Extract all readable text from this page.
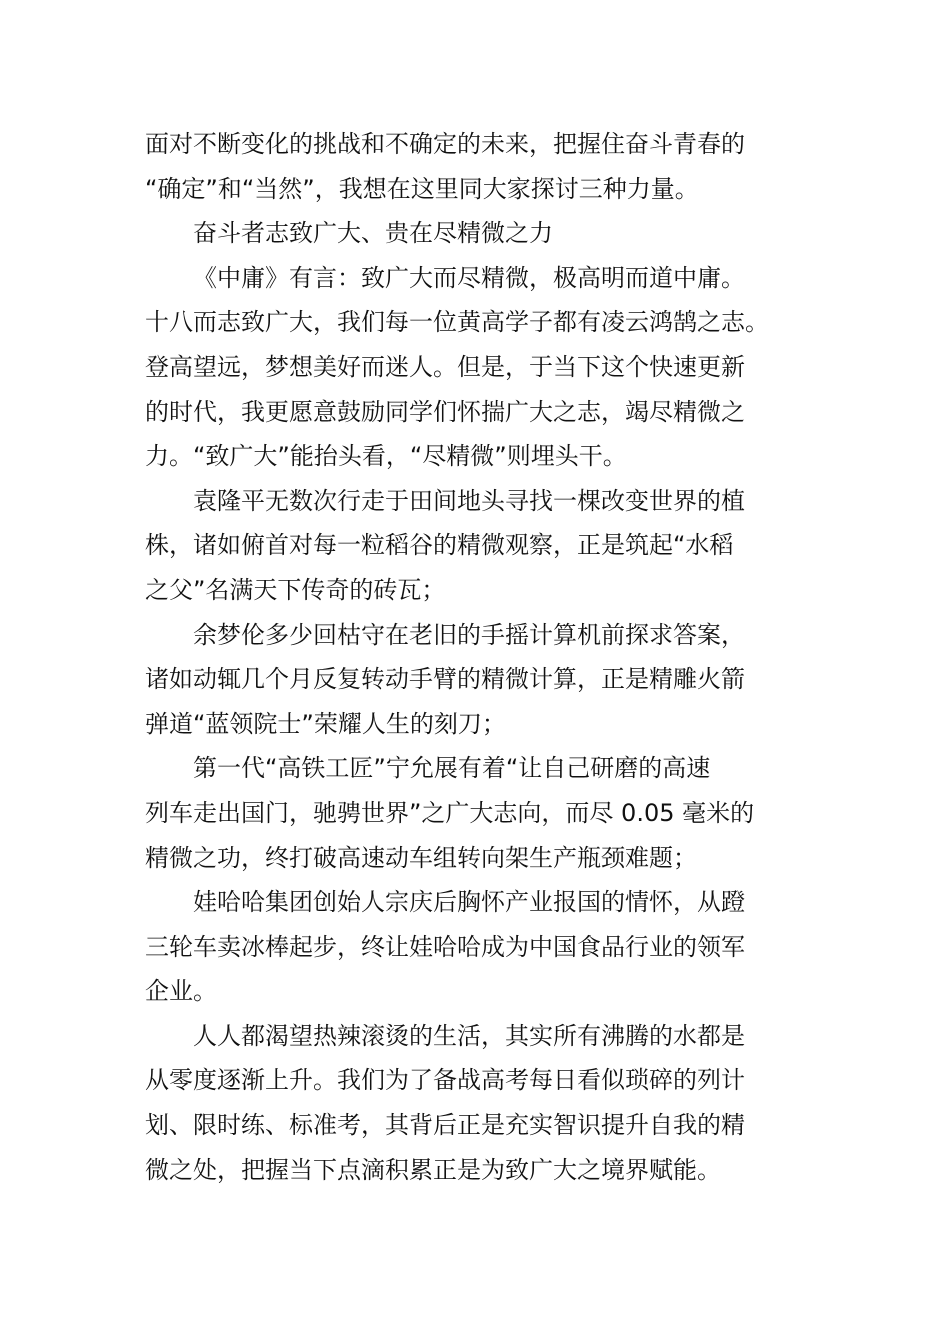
面对不断变化的挑战和不确定的未来，把握住奋斗青春的
“确定”和“当然”，我想在这里同大家探讨三种力量。
奋斗者志致广大、贵在尽精微之力
《中庸》有言：致广大而尽精微，极高明而道中庸。
十八而志致广大，我们每一位黄高学子都有凌云鸿鹄之志。
登高望远，梦想美好而迷人。但是，于当下这个快速更新
的时代，我更愿意鼓励同学们怀揣广大之志，竭尽精微之
力。“致广大”能抬头看，“尽精微”则埋头干。
袁隆平无数次行走于田间地头寻找一棵改变世界的植
株，诸如俯首对每一粒稻谷的精微观察，正是筑起“水稻
之父”名满天下传奇的砖瓦；
余梦伦多少回枯守在老旧的手摇计算机前探求答案，
诸如动辄几个月反复转动手臂的精微计算，正是精雕火箭
弹道“蓝领院士”荣耀人生的刻刀；
第一代“高铁工匠”宁允展有着“让自己研磨的高速
列车走出国门，驰骋世界”之广大志向，而尽 0.05 毫米的
精微之功，终打破高速动车组转向架生产瓶颈难题；
娃哈哈集团创始人宗庆后胸怀产业报国的情怀，从蹬
三轮车卖冰棒起步，终让娃哈哈成为中国食品行业的领军
企业。
人人都渴望热辣滚烫的生活，其实所有沸腾的水都是
从零度逐渐上升。我们为了备战高考每日看似琐碎的列计
划、限时练、标准考，其背后正是充实智识提升自我的精
微之处，把握当下点滴积累正是为致广大之境界赋能。
